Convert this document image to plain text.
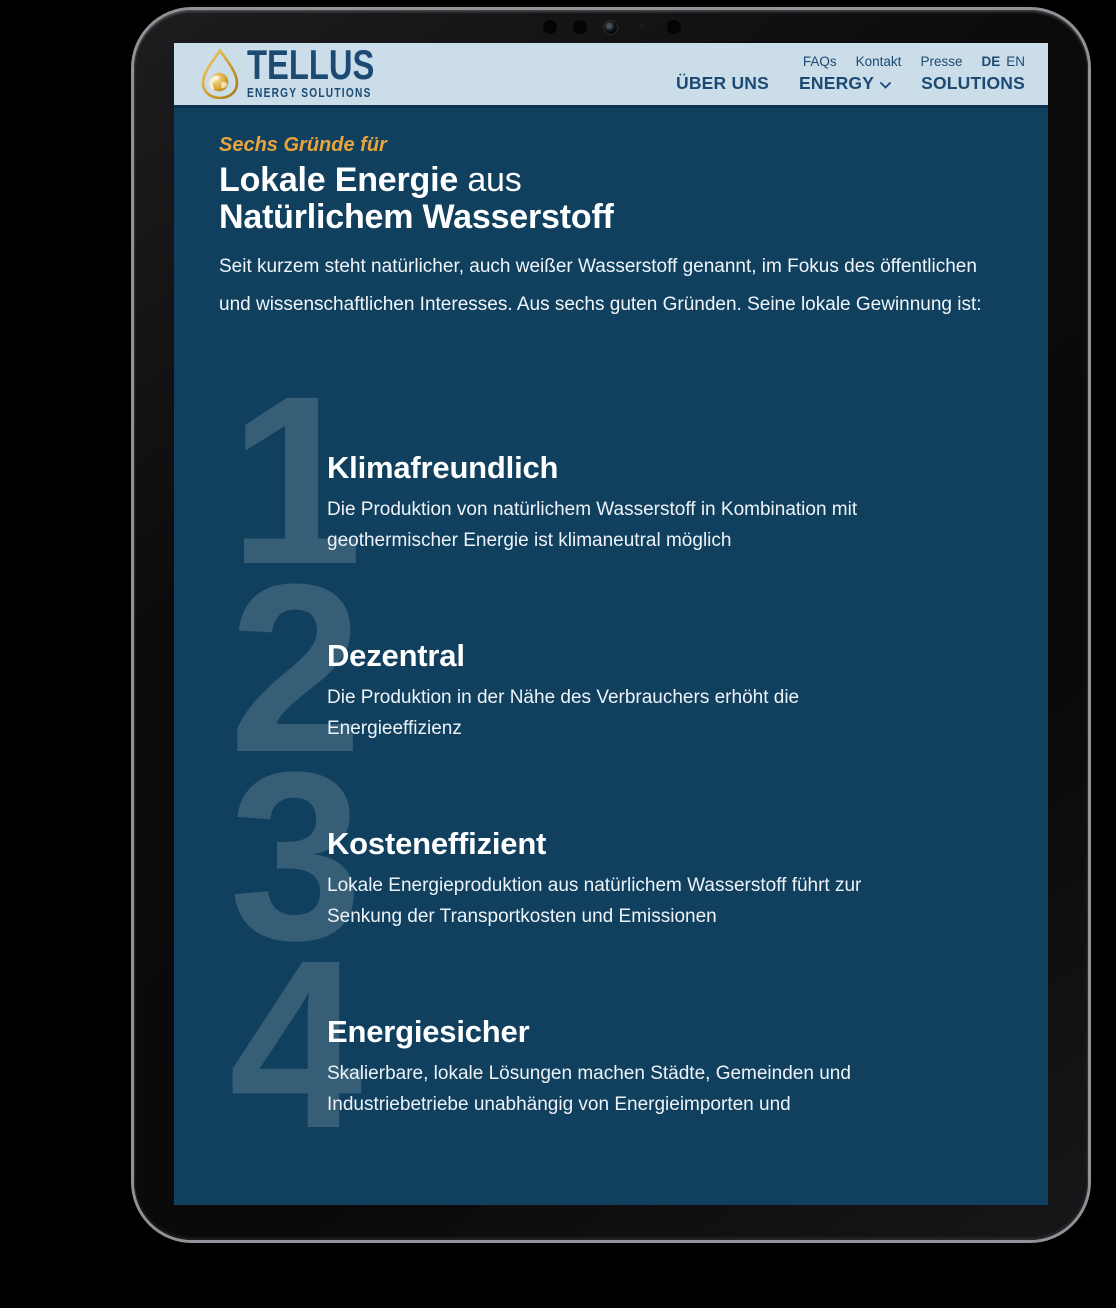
TELLUS
ENERGY SOLUTIONS
FAQs Kontakt Presse DE EN
ÜBER UNS ENERGY	SOLUTIONS
Sechs Gründe für
Lokale Energie aus
Natürlichem Wasserstoff

Seit kurzem steht natürlicher, auch weißer Wasserstoff genannt, im Fokus des öffentlichen und wissenschaftlichen Interesses. Aus sechs guten Gründen. Seine lokale Gewinnung ist:

1
Klimafreundlich

Die Produktion von natürlichem Wasserstoff in Kombination mit geothermischer Energie ist klimaneutral möglich

2
Dezentral

Die Produktion in der Nähe des Verbrauchers erhöht die Energieeffizienz

3
Kosteneffizient

Lokale Energieproduktion aus natürlichem Wasserstoff führt zur Senkung der Transportkosten und Emissionen

4
Energiesicher

Skalierbare, lokale Lösungen machen Städte, Gemeinden und Industriebetriebe unabhängig von Energieimporten und
